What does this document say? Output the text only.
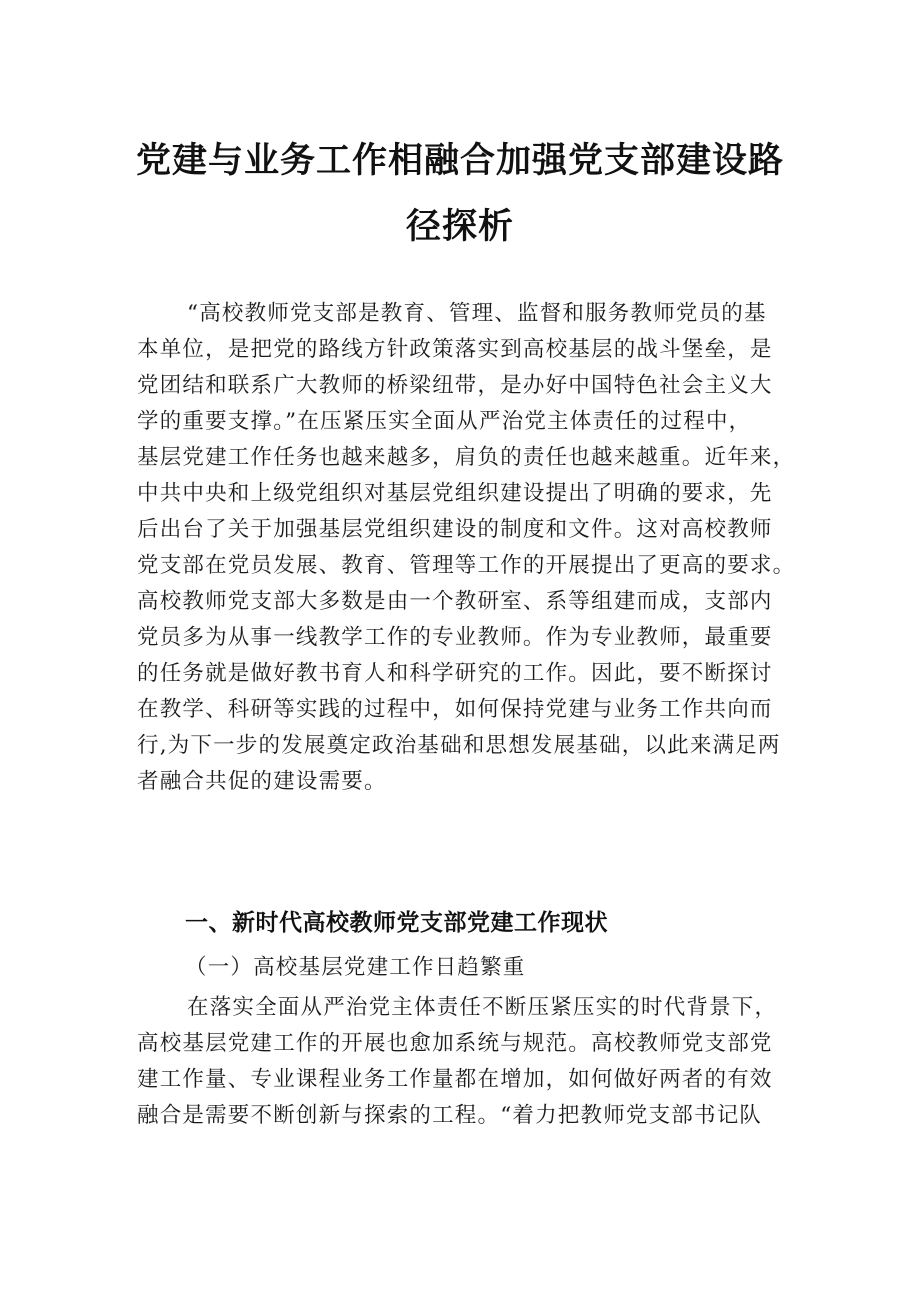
党建与业务工作相融合加强党支部建设路
径探析
“高校教师党支部是教育、管理、监督和服务教师党员的基
本单位，是把党的路线方针政策落实到高校基层的战斗堡垒，是
党团结和联系广大教师的桥梁纽带，是办好中国特色社会主义大
学的重要支撑。”在压紧压实全面从严治党主体责任的过程中，
基层党建工作任务也越来越多，肩负的责任也越来越重。近年来，
中共中央和上级党组织对基层党组织建设提出了明确的要求，先
后出台了关于加强基层党组织建设的制度和文件。这对高校教师
党支部在党员发展、教育、管理等工作的开展提出了更高的要求。
高校教师党支部大多数是由一个教研室、系等组建而成，支部内
党员多为从事一线教学工作的专业教师。作为专业教师，最重要
的任务就是做好教书育人和科学研究的工作。因此，要不断探讨
在教学、科研等实践的过程中，如何保持党建与业务工作共向而
行,为下一步的发展奠定政治基础和思想发展基础，以此来满足两
者融合共促的建设需要。
一、新时代高校教师党支部党建工作现状
（一）高校基层党建工作日趋繁重
在落实全面从严治党主体责任不断压紧压实的时代背景下，
高校基层党建工作的开展也愈加系统与规范。高校教师党支部党
建工作量、专业课程业务工作量都在增加，如何做好两者的有效
融合是需要不断创新与探索的工程。“着力把教师党支部书记队
